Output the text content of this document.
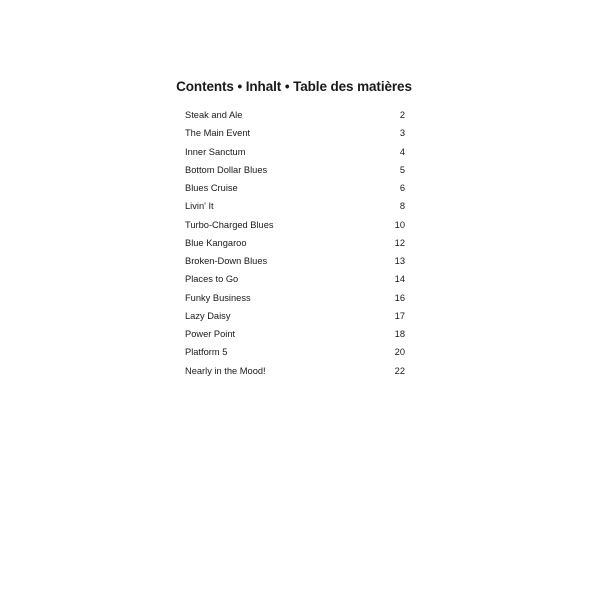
Contents • Inhalt • Table des matières
Steak and Ale	2
The Main Event	3
Inner Sanctum	4
Bottom Dollar Blues	5
Blues Cruise	6
Livin' It	8
Turbo-Charged Blues	10
Blue Kangaroo	12
Broken-Down Blues	13
Places to Go	14
Funky Business	16
Lazy Daisy	17
Power Point	18
Platform 5	20
Nearly in the Mood!	22
